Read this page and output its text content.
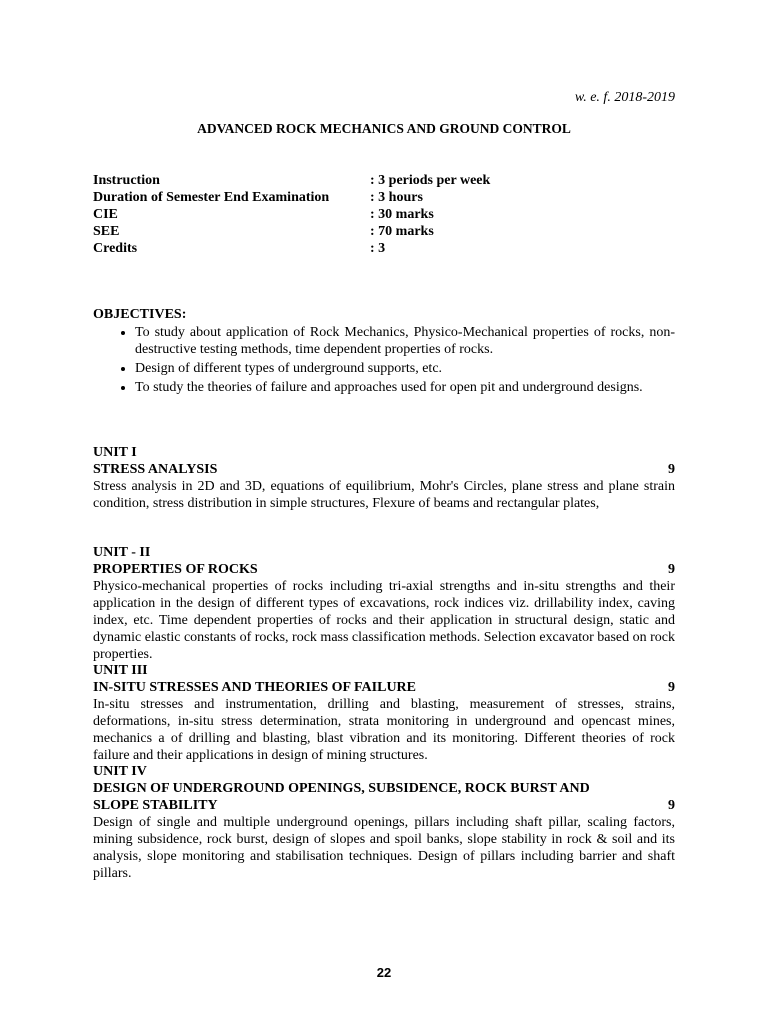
w. e. f. 2018-2019
ADVANCED ROCK MECHANICS AND GROUND CONTROL
Instruction	: 3 periods per week
Duration of Semester End Examination	: 3 hours
CIE	: 30 marks
SEE	: 70 marks
Credits	: 3
OBJECTIVES:
• To study about application of Rock Mechanics, Physico-Mechanical properties of rocks, non-destructive testing methods, time dependent properties of rocks.
• Design of different types of underground supports, etc.
• To study the theories of failure and approaches used for open pit and underground designs.
UNIT I
STRESS ANALYSIS	9
Stress analysis in 2D and 3D, equations of equilibrium, Mohr's Circles, plane stress and plane strain condition, stress distribution in simple structures, Flexure of beams and rectangular plates,
UNIT - II
PROPERTIES OF ROCKS	9
Physico-mechanical properties of rocks including tri-axial strengths and in-situ strengths and their application in the design of different types of excavations, rock indices viz. drillability index, caving index, etc. Time dependent properties of rocks and their application in structural design, static and dynamic elastic constants of rocks, rock mass classification methods. Selection excavator based on rock properties.
UNIT III
IN-SITU STRESSES AND THEORIES OF FAILURE	9
In-situ stresses and instrumentation, drilling and blasting, measurement of stresses, strains, deformations, in-situ stress determination, strata monitoring in underground and opencast mines, mechanics a of drilling and blasting, blast vibration and its monitoring. Different theories of rock failure and their applications in design of mining structures.
UNIT IV
DESIGN OF UNDERGROUND OPENINGS, SUBSIDENCE, ROCK BURST AND
SLOPE STABILITY	9
Design of single and multiple underground openings, pillars including shaft pillar, scaling factors, mining subsidence, rock burst, design of slopes and spoil banks, slope stability in rock & soil and its analysis, slope monitoring and stabilisation techniques. Design of pillars including barrier and shaft pillars.
22
